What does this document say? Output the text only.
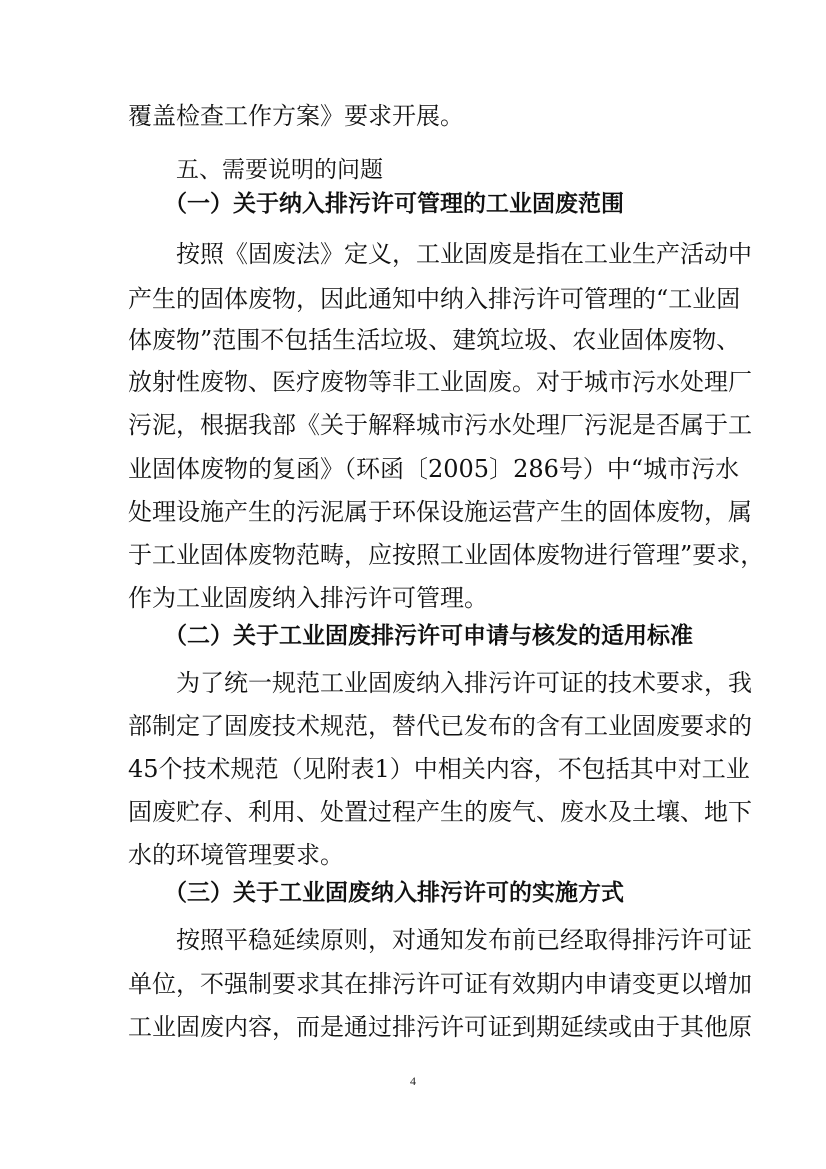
覆盖检查工作方案》要求开展。
五、需要说明的问题
（一）关于纳入排污许可管理的工业固废范围
按照《固废法》定义，工业固废是指在工业生产活动中
产生的固体废物，因此通知中纳入排污许可管理的“工业固
体废物”范围不包括生活垃圾、建筑垃圾、农业固体废物、
放射性废物、医疗废物等非工业固废。对于城市污水处理厂
污泥，根据我部《关于解释城市污水处理厂污泥是否属于工
业固体废物的复函》（环函〔2005〕286号）中“城市污水
处理设施产生的污泥属于环保设施运营产生的固体废物，属
于工业固体废物范畴，应按照工业固体废物进行管理”要求，
作为工业固废纳入排污许可管理。
（二）关于工业固废排污许可申请与核发的适用标准
为了统一规范工业固废纳入排污许可证的技术要求，我
部制定了固废技术规范，替代已发布的含有工业固废要求的
45个技术规范（见附表1）中相关内容，不包括其中对工业
固废贮存、利用、处置过程产生的废气、废水及土壤、地下
水的环境管理要求。
（三）关于工业固废纳入排污许可的实施方式
按照平稳延续原则，对通知发布前已经取得排污许可证
单位，不强制要求其在排污许可证有效期内申请变更以增加
工业固废内容，而是通过排污许可证到期延续或由于其他原
4
